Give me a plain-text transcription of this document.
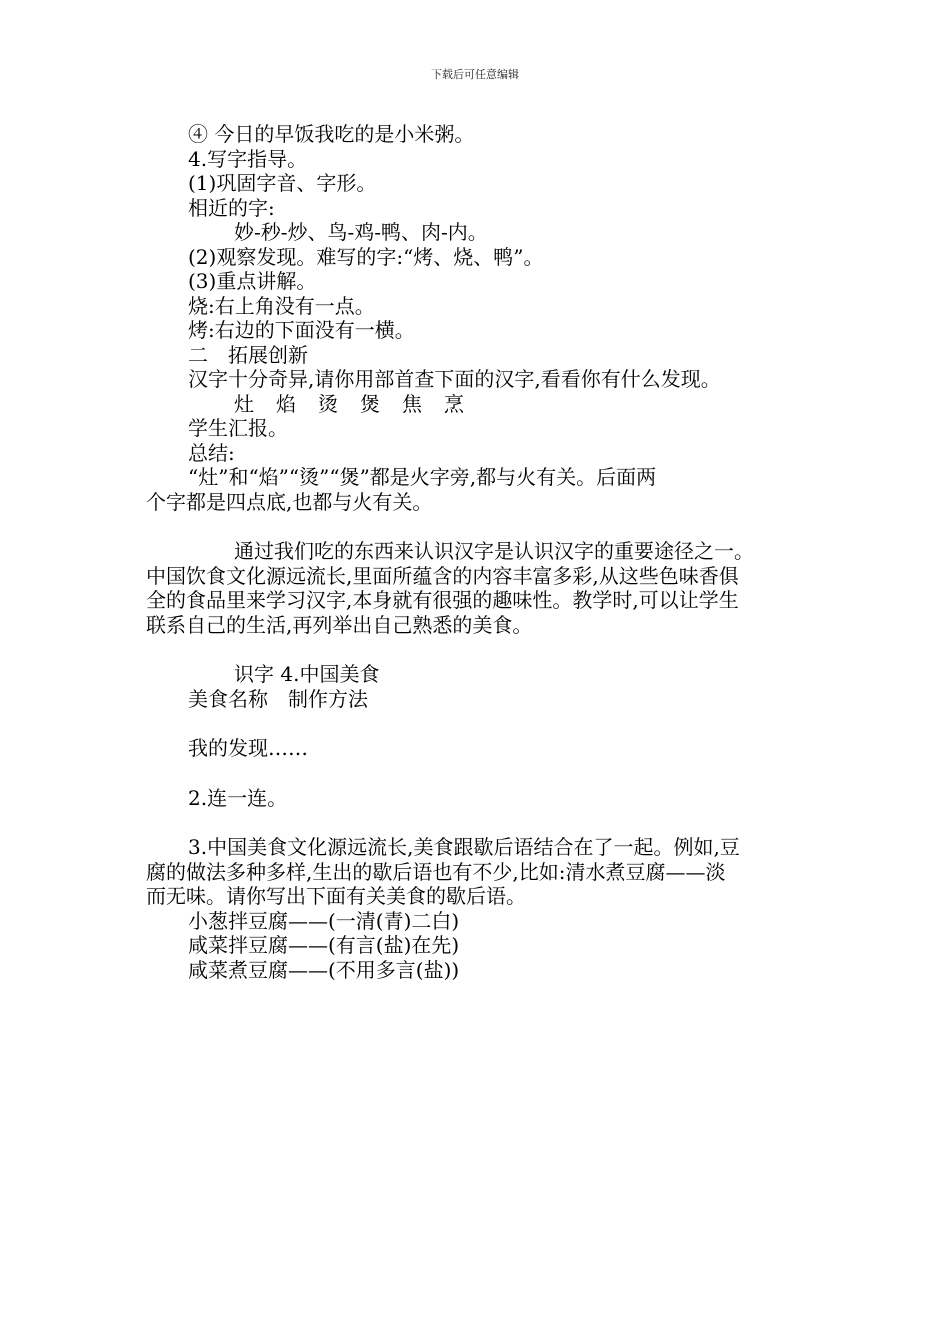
下载后可任意编辑
④ 今日的早饭我吃的是小米粥。
4.写字指导。
(1)巩固字音、字形。
相近的字:
妙-秒-炒、鸟-鸡-鸭、肉-内。
(2)观察发现。难写的字:“烤、烧、鸭”。
(3)重点讲解。
烧:右上角没有一点。
烤:右边的下面没有一横。
二　拓展创新
汉字十分奇异,请你用部首查下面的汉字,看看你有什么发现。
灶 焰 烫 煲 焦 烹
学生汇报。
总结:
“灶”和“焰”“烫”“煲”都是火字旁,都与火有关。后面两
个字都是四点底,也都与火有关。
通过我们吃的东西来认识汉字是认识汉字的重要途径之一。
中国饮食文化源远流长,里面所蕴含的内容丰富多彩,从这些色味香俱
全的食品里来学习汉字,本身就有很强的趣味性。教学时,可以让学生
联系自己的生活,再列举出自己熟悉的美食。
识字 4.中国美食
美食名称　制作方法
我的发现……
2.连一连。
3.中国美食文化源远流长,美食跟歇后语结合在了一起。例如,豆
腐的做法多种多样,生出的歇后语也有不少,比如:清水煮豆腐——淡
而无味。请你写出下面有关美食的歇后语。
小葱拌豆腐——(一清(青)二白)
咸菜拌豆腐——(有言(盐)在先)
咸菜煮豆腐——(不用多言(盐))
